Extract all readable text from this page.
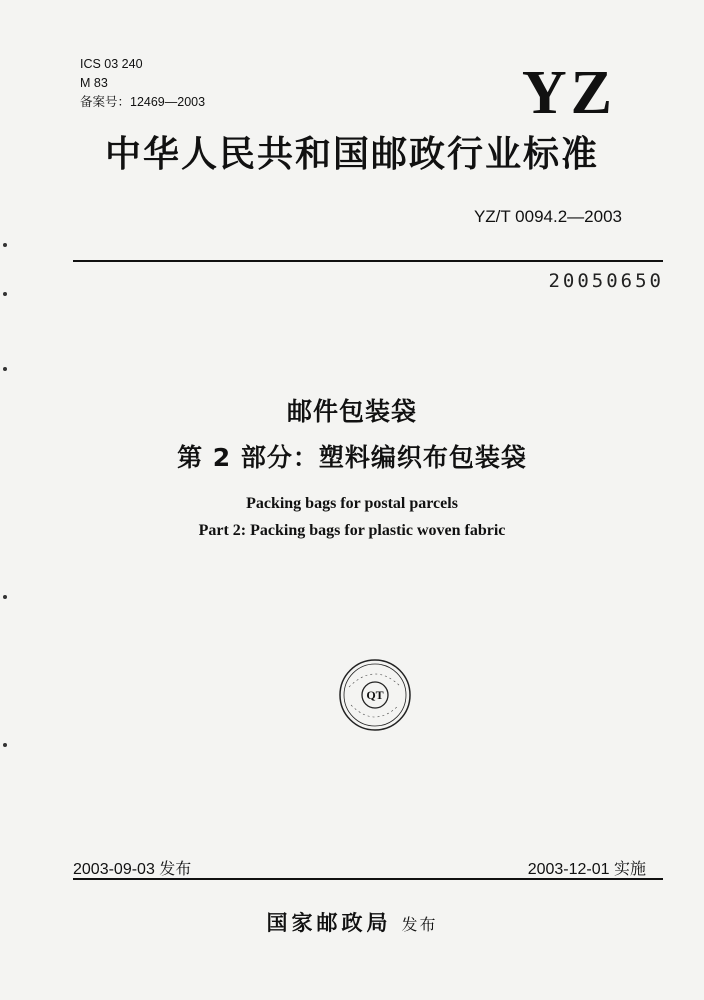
ICS 03 240
M 83
备案号：12469—2003	YZ
中华人民共和国邮政行业标准
YZ/T 0094.2—2003
20050650
邮件包装袋
第 2 部分：塑料编织布包装袋
Packing bags for postal parcels
Part 2: Packing bags for plastic woven fabric
QT
2003-09-03 发布	2003-12-01 实施
国家邮政局 发布
